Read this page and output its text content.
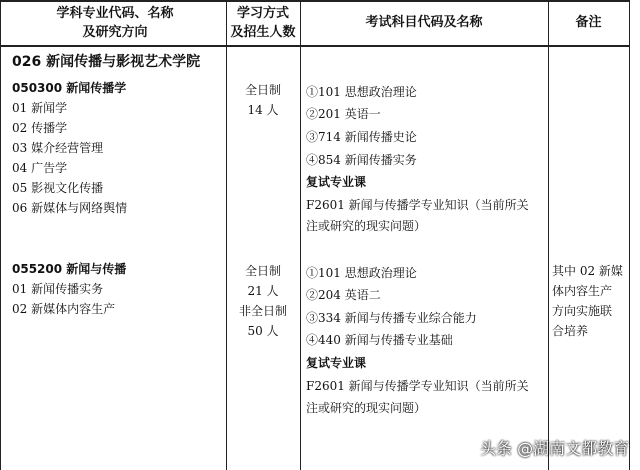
学科专业代码、名称
及研究方向
学习方式
及招生人数
考试科目代码及名称	备注
026 新闻传播与影视艺术学院
050300 新闻传播学
01 新闻学
02 传播学
03 媒介经营管理
04 广告学
05 影视文化传播
06 新媒体与网络舆情
全日制
14 人
①101 思想政治理论
②201 英语一
③714 新闻传播史论
④854 新闻传播实务
复试专业课
F2601 新闻与传播学专业知识（当前所关
注或研究的现实问题）
055200 新闻与传播
01 新闻传播实务
02 新媒体内容生产
全日制
21 人
非全日制
50 人
①101 思想政治理论
②204 英语二
③334 新闻与传播专业综合能力
④440 新闻与传播专业基础
复试专业课
F2601 新闻与传播学专业知识（当前所关
注或研究的现实问题）
其中 02 新媒
体内容生产
方向实施联
合培养
头条 @湖南文都教育
